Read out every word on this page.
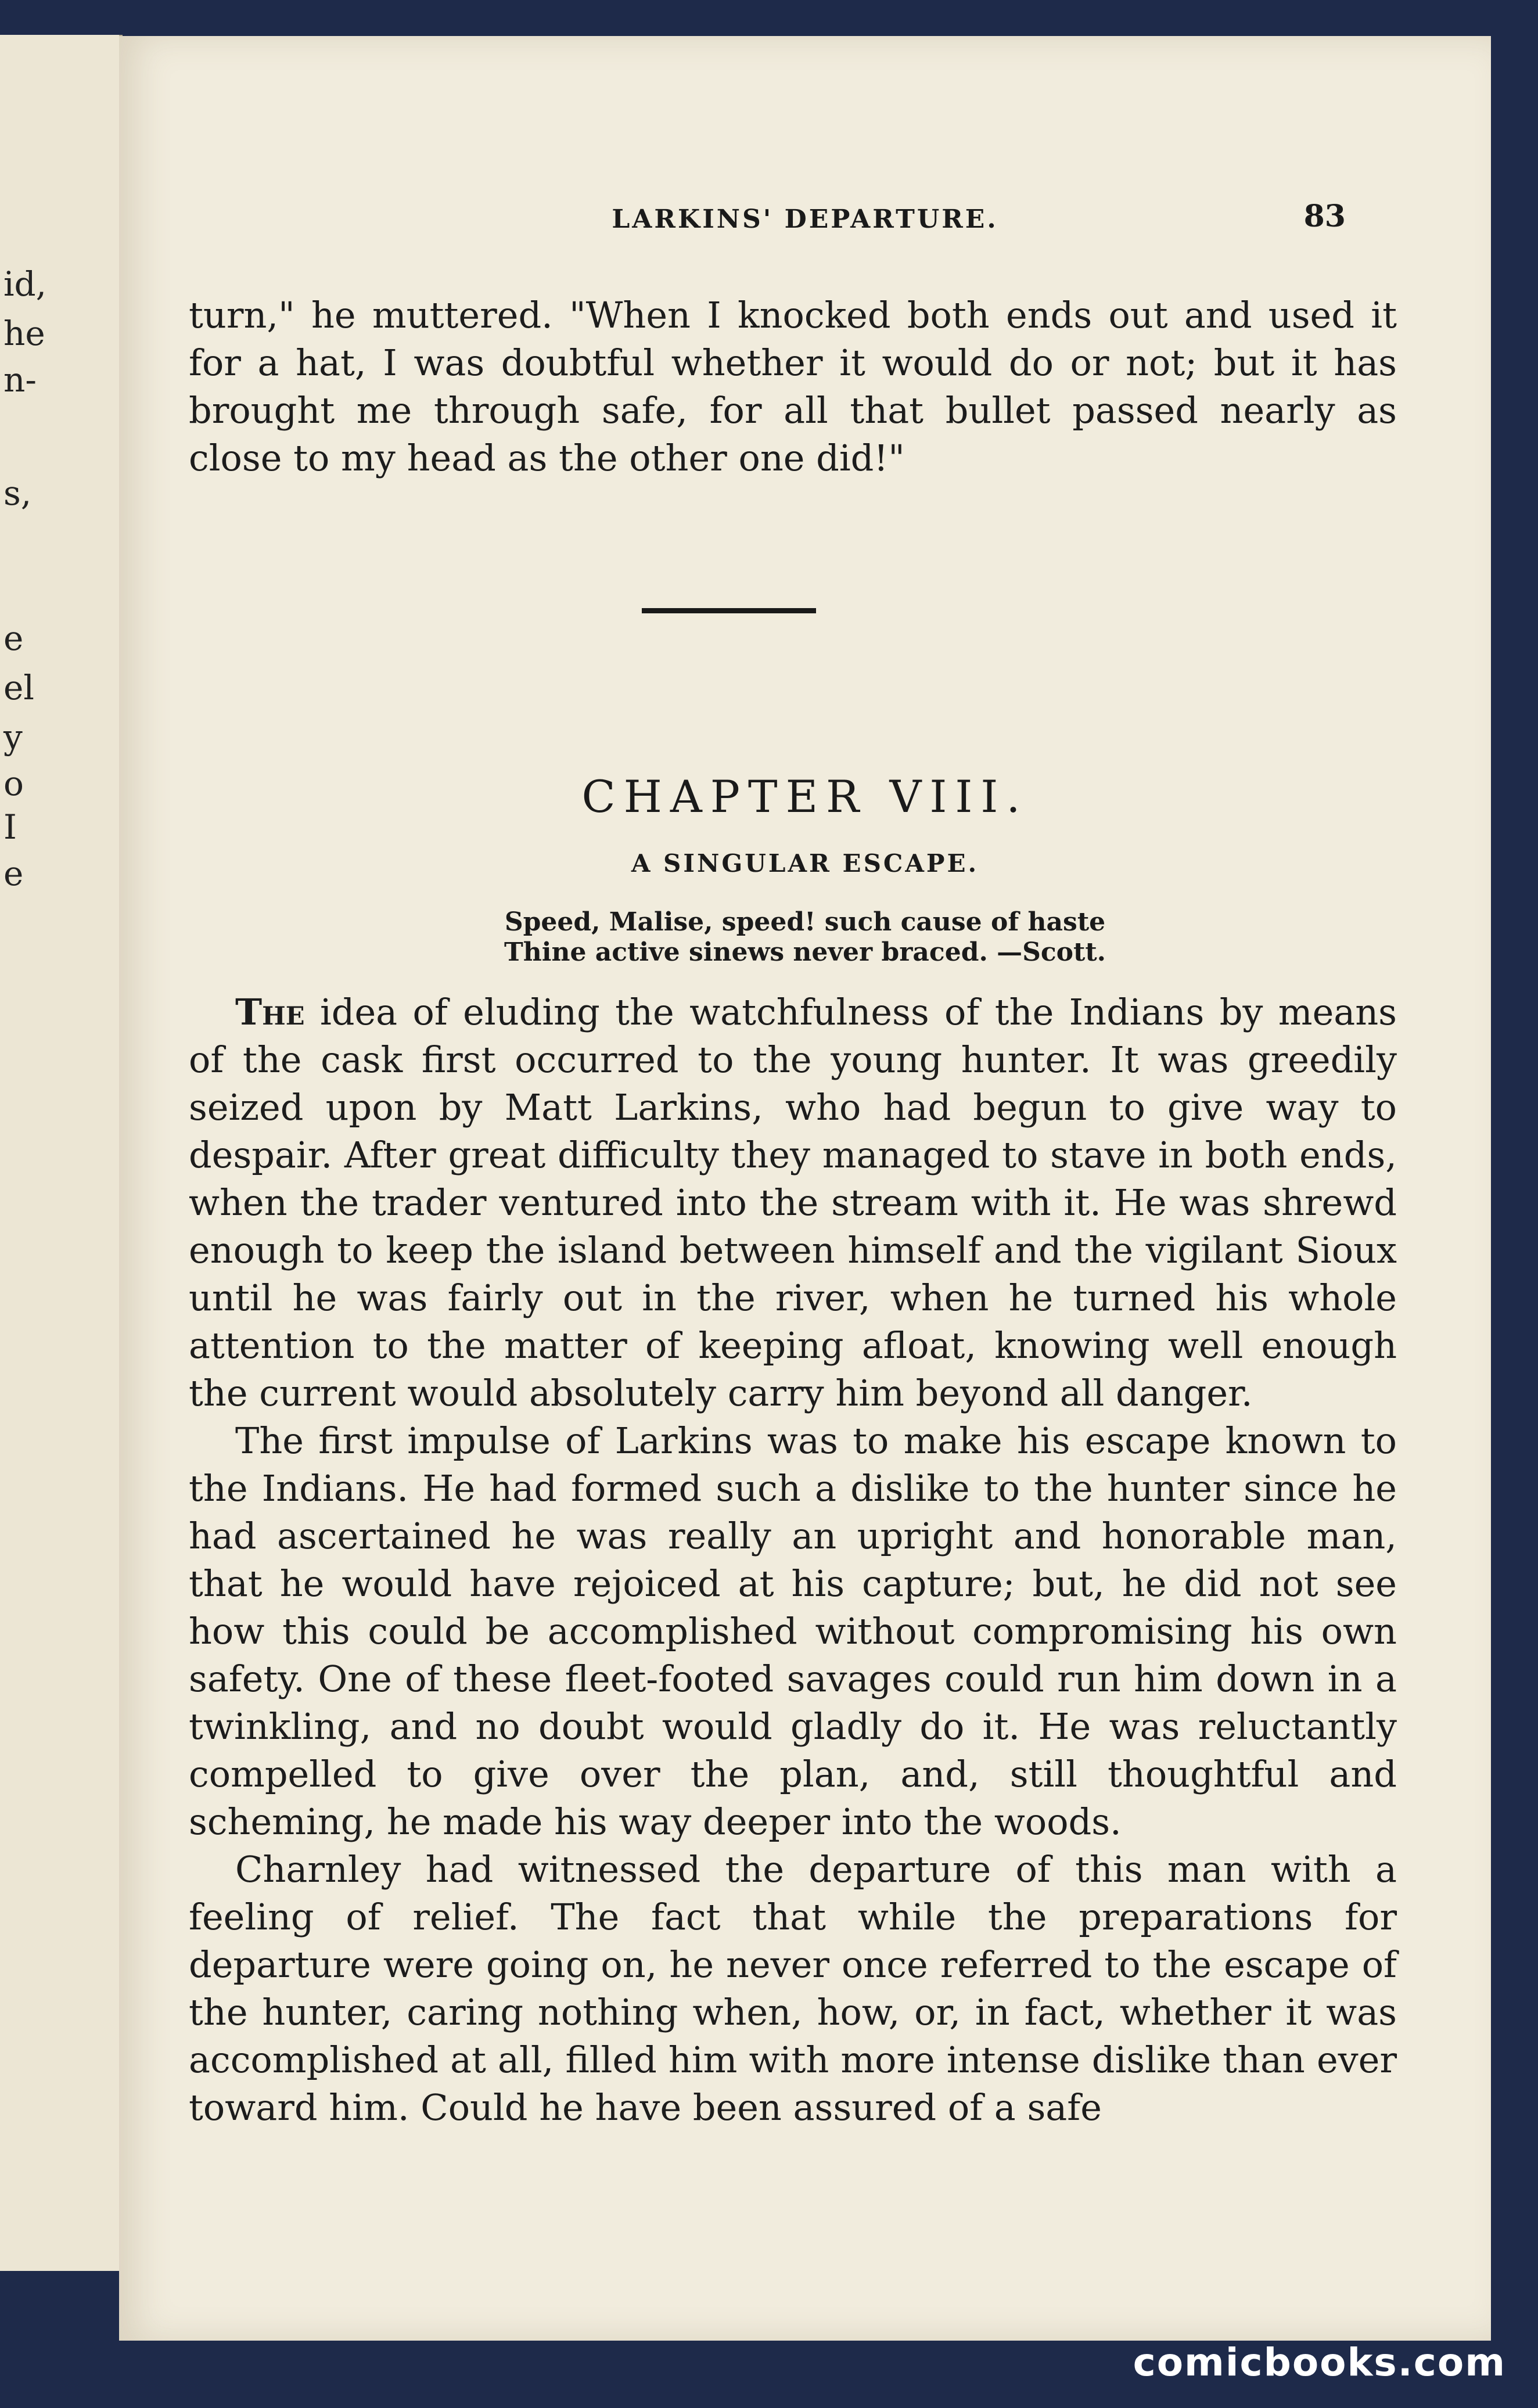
id,
he
n-
s,
e
el
y
o
I
e
LARKINS' DEPARTURE.	83

turn," he muttered. "When I knocked both ends out and used it for a hat, I was doubtful whether it would do or not; but it has brought me through safe, for all that bullet passed nearly as close to my head as the other one did!"

CHAPTER VIII.
A SINGULAR ESCAPE.
Speed, Malise, speed! such cause of haste
Thine active sinews never braced. —Scott.

The idea of eluding the watchfulness of the Indians by means of the cask first occurred to the young hunter. It was greedily seized upon by Matt Larkins, who had begun to give way to despair. After great difficulty they managed to stave in both ends, when the trader ventured into the stream with it. He was shrewd enough to keep the island between himself and the vigilant Sioux until he was fairly out in the river, when he turned his whole attention to the matter of keeping afloat, knowing well enough the current would absolutely carry him beyond all danger.

The first impulse of Larkins was to make his escape known to the Indians. He had formed such a dislike to the hunter since he had ascertained he was really an upright and honorable man, that he would have rejoiced at his capture; but, he did not see how this could be accomplished without compromising his own safety. One of these fleet-footed savages could run him down in a twinkling, and no doubt would gladly do it. He was reluctantly compelled to give over the plan, and, still thoughtful and scheming, he made his way deeper into the woods.

Charnley had witnessed the departure of this man with a feeling of relief. The fact that while the preparations for departure were going on, he never once referred to the escape of the hunter, caring nothing when, how, or, in fact, whether it was accomplished at all, filled him with more intense dislike than ever toward him. Could he have been assured of a safe

comicbooks.com
